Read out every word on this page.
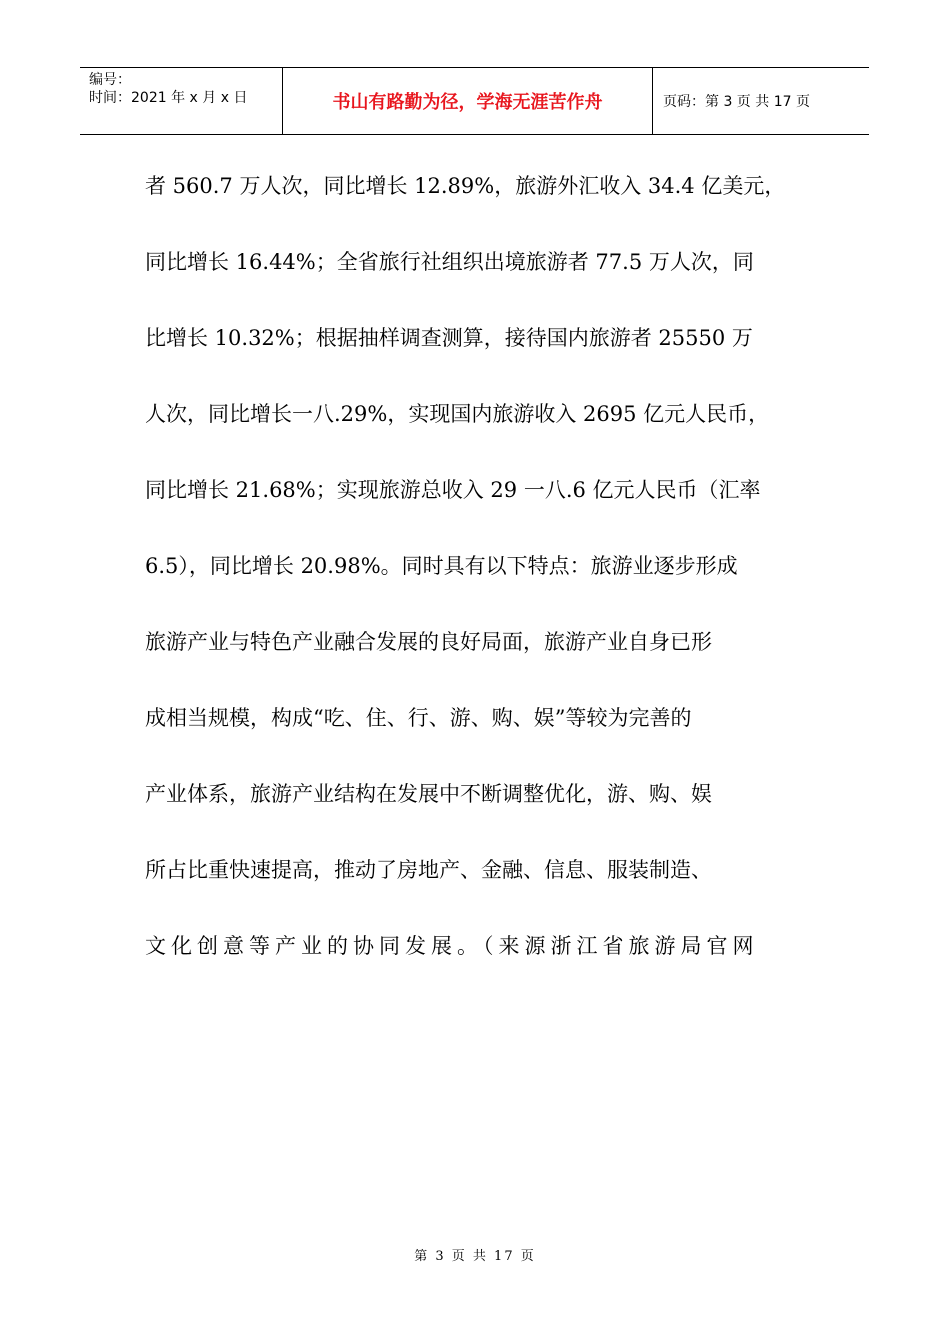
编号：
时间：2021 年 x 月 x 日	书山有路勤为径，学海无涯苦作舟	页码：第 3 页 共 17 页
者 560.7 万人次，同比增长 12.89%，旅游外汇收入 34.4 亿美元，
同比增长 16.44%；全省旅行社组织出境旅游者 77.5 万人次，同
比增长 10.32%；根据抽样调查测算，接待国内旅游者 25550 万
人次，同比增长一八.29%，实现国内旅游收入 2695 亿元人民币，
同比增长 21.68%；实现旅游总收入 29 一八.6 亿元人民币（汇率
6.5），同比增长 20.98%。同时具有以下特点：旅游业逐步形成
旅游产业与特色产业融合发展的良好局面，旅游产业自身已形
成相当规模，构成“吃、住、行、游、购、娱”等较为完善的
产业体系，旅游产业结构在发展中不断调整优化，游、购、娱
所占比重快速提高，推动了房地产、金融、信息、服装制造、
文化创意等产业的协同发展。（来源浙江省旅游局官网
第 3 页 共 17 页
